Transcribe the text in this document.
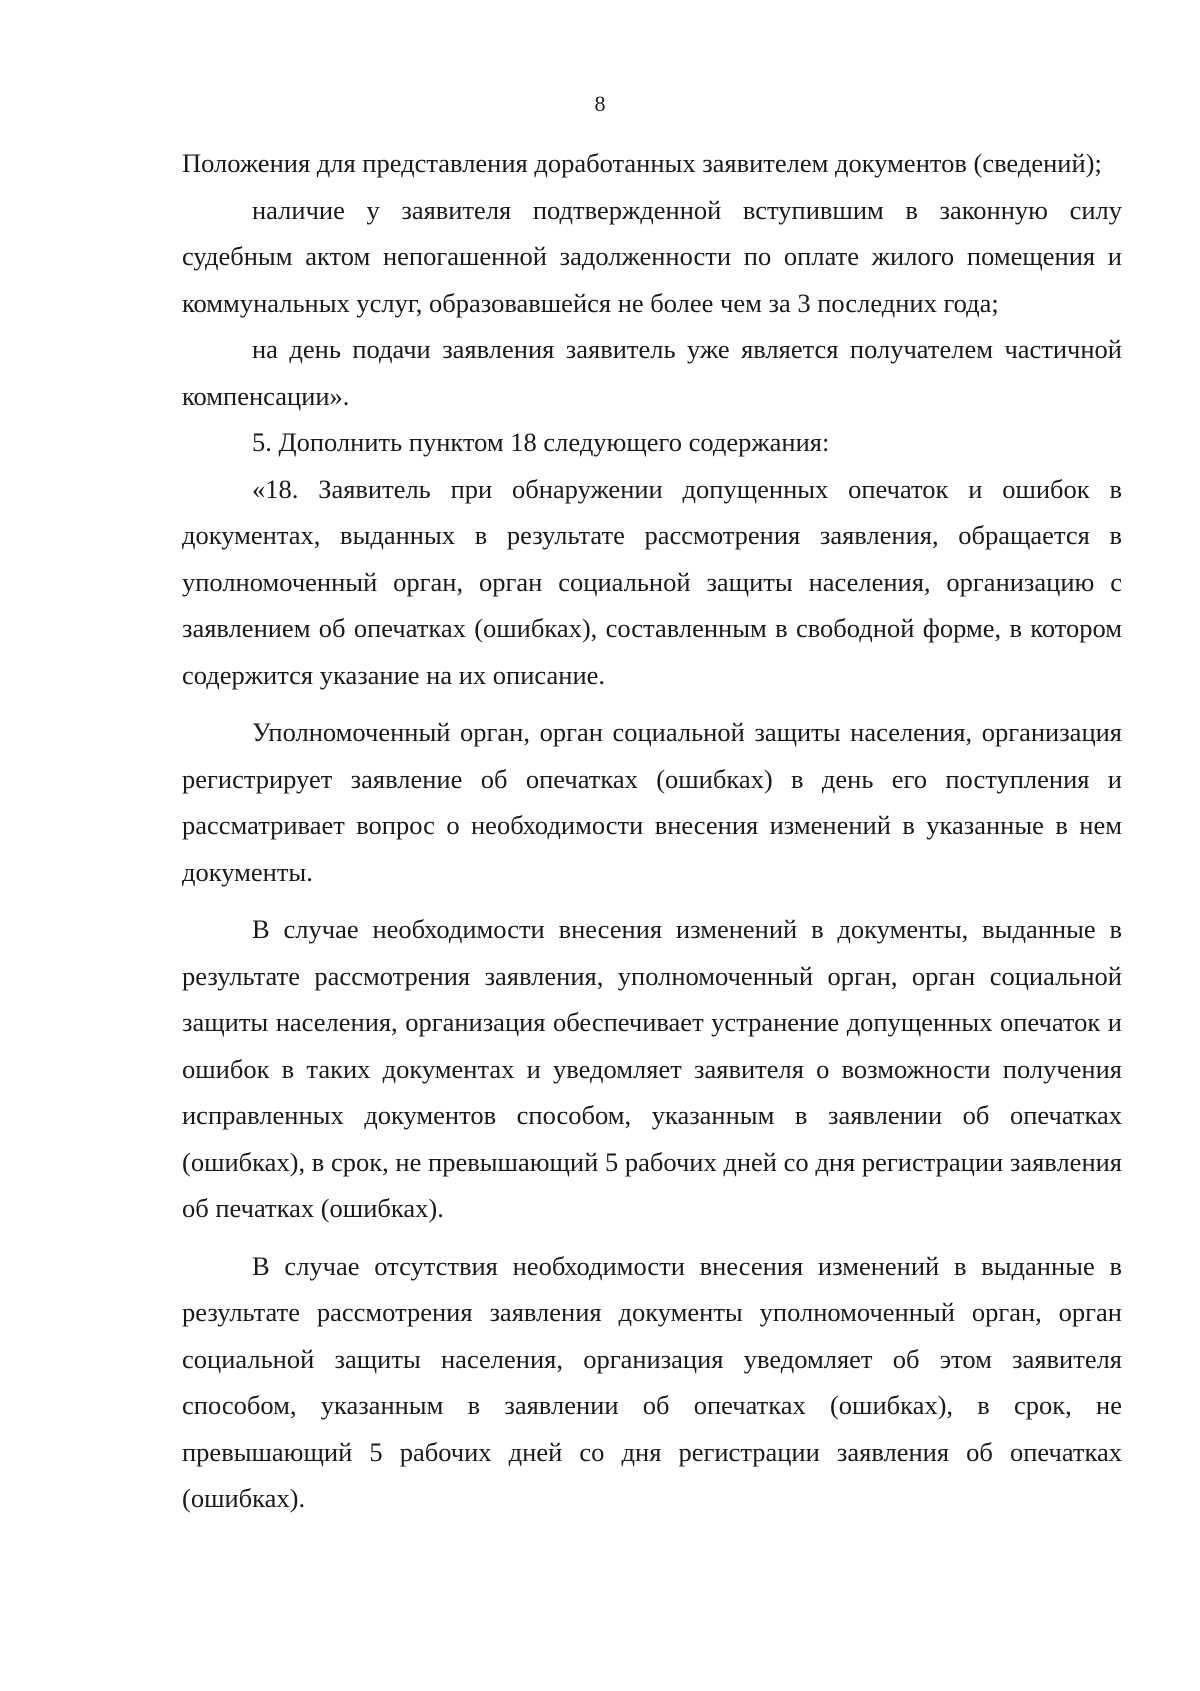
8

Положения для представления доработанных заявителем документов (сведений);

наличие у заявителя подтвержденной вступившим в законную силу судебным актом непогашенной задолженности по оплате жилого помещения и коммунальных услуг, образовавшейся не более чем за 3 последних года;

на день подачи заявления заявитель уже является получателем частичной компенсации».

5. Дополнить пунктом 18 следующего содержания:

«18. Заявитель при обнаружении допущенных опечаток и ошибок в документах, выданных в результате рассмотрения заявления, обращается в уполномоченный орган, орган социальной защиты населения, организацию с заявлением об опечатках (ошибках), составленным в свободной форме, в котором содержится указание на их описание.

Уполномоченный орган, орган социальной защиты населения, организация регистрирует заявление об опечатках (ошибках) в день его поступления и рассматривает вопрос о необходимости внесения изменений в указанные в нем документы.

В случае необходимости внесения изменений в документы, выданные в результате рассмотрения заявления, уполномоченный орган, орган социальной защиты населения, организация обеспечивает устранение допущенных опечаток и ошибок в таких документах и уведомляет заявителя о возможности получения исправленных документов способом, указанным в заявлении об опечатках (ошибках), в срок, не превышающий 5 рабочих дней со дня регистрации заявления об печатках (ошибках).

В случае отсутствия необходимости внесения изменений в выданные в результате рассмотрения заявления документы уполномоченный орган, орган социальной защиты населения, организация уведомляет об этом заявителя способом, указанным в заявлении об опечатках (ошибках), в срок, не превышающий 5 рабочих дней со дня регистрации заявления об опечатках (ошибках).
